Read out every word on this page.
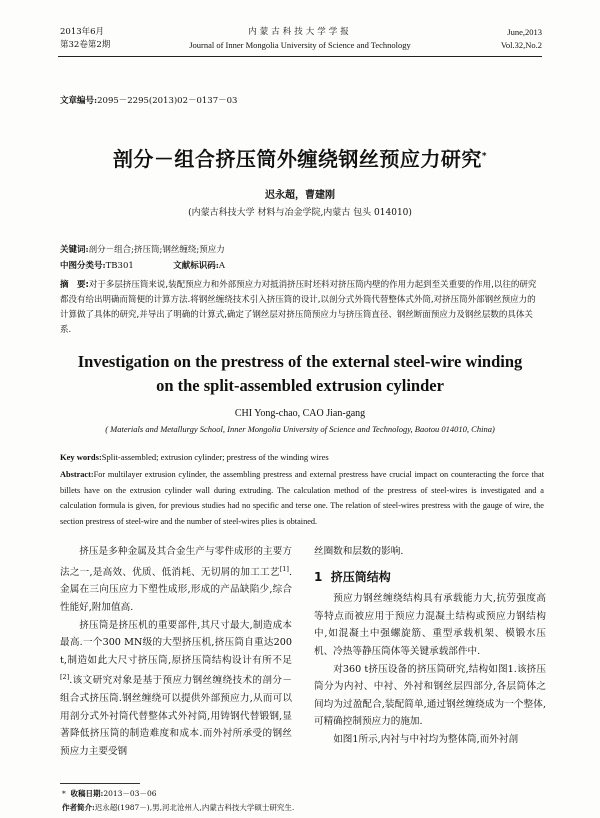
2013年6月
第32卷第2期
内蒙古科技大学学报
Journal of Inner Mongolia University of Science and Technology
June,2013
Vol.32,No.2
文章编号:2095－2295(2013)02－0137－03
剖分－组合挤压筒外缠绕钢丝预应力研究*
迟永超，曹建刚
(内蒙古科技大学 材料与冶金学院,内蒙古 包头 014010)
关键词:剖分－组合;挤压筒;钢丝缠绕;预应力
中图分类号:TB301	文献标识码:A
摘　要:对于多层挤压筒来说,装配预应力和外部预应力对抵消挤压时坯料对挤压筒内壁的作用力起到至关重要的作用,以往的研究都没有给出明确而简便的计算方法.将钢丝缠绕技术引入挤压筒的设计,以剖分式外筒代替整体式外筒,对挤压筒外部钢丝预应力的计算做了具体的研究,并导出了明确的计算式,确定了钢丝层对挤压筒预应力与挤压筒直径、钢丝断面预应力及钢丝层数的具体关系.
Investigation on the prestress of the external steel-wire winding
on the split-assembled extrusion cylinder
CHI Yong-chao, CAO Jian-gang
( Materials and Metallurgy School, Inner Mongolia University of Science and Technology, Baotou 014010, China)
Key words:Split-assembled; extrusion cylinder; prestress of the winding wires
Abstract:For multilayer extrusion cylinder, the assembling prestress and external prestress have crucial impact on counteracting the force that billets have on the extrusion cylinder wall during extruding. The calculation method of the prestress of steel-wires is investigated and a calculation formula is given, for previous studies had no specific and terse one. The relation of steel-wires prestress with the gauge of wire, the section prestress of steel-wire and the number of steel-wires plies is obtained.

挤压是多种金属及其合金生产与零件成形的主要方法之一,是高效、优质、低消耗、无切屑的加工工艺[1].金属在三向压应力下塑性成形,形成的产品缺陷少,综合性能好,附加值高.

挤压筒是挤压机的重要部件,其尺寸最大,制造成本最高.一个300 MN级的大型挤压机,挤压筒自重达200 t,制造如此大尺寸挤压筒,原挤压筒结构设计有所不足[2].该文研究对象是基于预应力钢丝缠绕技术的剖分－组合式挤压筒.钢丝缠绕可以提供外部预应力,从而可以用剖分式外衬筒代替整体式外衬筒,用铸钢代替锻钢,显著降低挤压筒的制造难度和成本.而外衬所承受的钢丝预应力主要受钢

丝圈数和层数的影响.

1 挤压筒结构

预应力钢丝缠绕结构具有承载能力大,抗劳强度高等特点而被应用于预应力混凝土结构或预应力钢结构中,如混凝土中强螺旋筋、重型承载机架、模锻水压机、冷热等静压筒体等关键承载部件中.

对360 t挤压设备的挤压筒研究,结构如图1.该挤压筒分为内衬、中衬、外衬和钢丝层四部分,各层筒体之间均为过盈配合,装配简单,通过钢丝缠绕成为一个整体,可精确控制预应力的施加.

如图1所示,内衬与中衬均为整体筒,而外衬剖

*  收稿日期:2013－03－06
作者简介:迟永超(1987－),男,河北沧州人,内蒙古科技大学硕士研究生.
